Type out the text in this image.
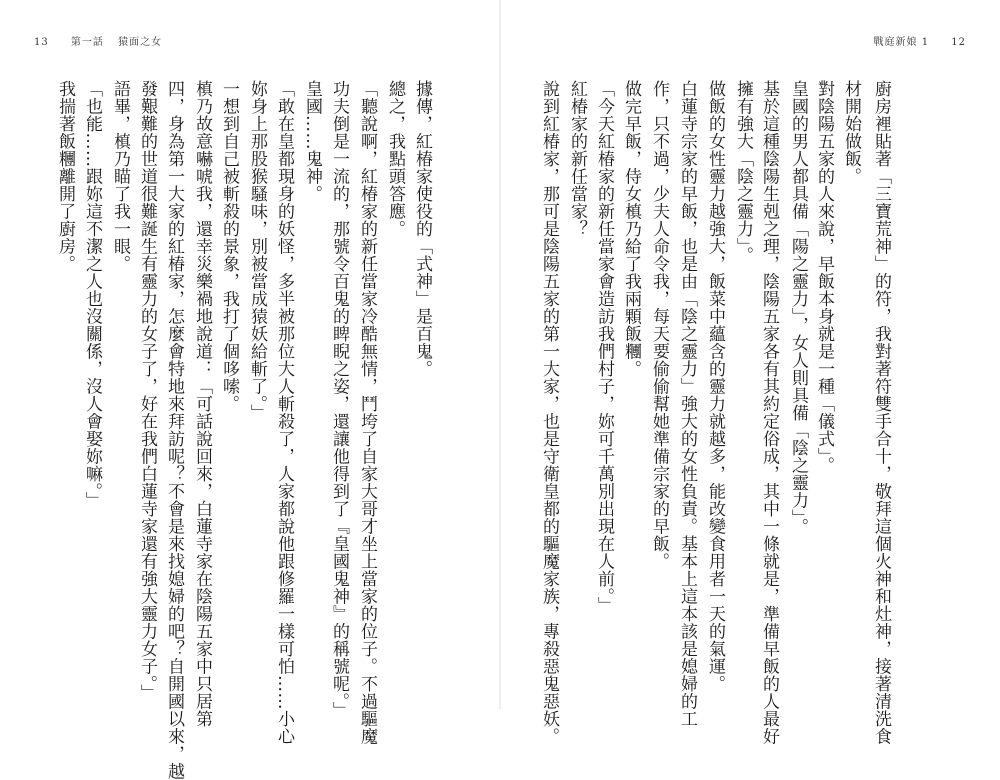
13 第一話 猿面之女	戰庭新娘 1 12
廚房裡貼著「三寶荒神」的符，我對著符雙手合十，敬拜這個火神和灶神，接著清洗食
材開始做飯。
對陰陽五家的人來說，早飯本身就是一種「儀式」。
皇國的男人都具備「陽之靈力」，女人則具備「陰之靈力」。
基於這種陰陽生剋之理，陰陽五家各有其約定俗成，其中一條就是，準備早飯的人最好
擁有強大「陰之靈力」。
做飯的女性靈力越強大，飯菜中蘊含的靈力就越多，能改變食用者一天的氣運。
白蓮寺宗家的早飯，也是由「陰之靈力」強大的女性負責。基本上這本該是媳婦的工
作，只不過，少夫人命令我，每天要偷偷幫她準備宗家的早飯。
做完早飯，侍女槙乃給了我兩顆飯糰。
「今天紅椿家的新任當家會造訪我們村子，妳可千萬別出現在人前。」
紅椿家的新任當家？
說到紅椿家，那可是陰陽五家的第一大家，也是守衛皇都的驅魔家族，專殺惡鬼惡妖。
據傳，紅椿家使役的「式神」是百鬼。
總之，我點頭答應。
「聽說啊，紅椿家的新任當家冷酷無情，鬥垮了自家大哥才坐上當家的位子。不過驅魔
功夫倒是一流的，那號令百鬼的睥睨之姿，還讓他得到了『皇國鬼神』的稱號呢。」
皇國……鬼神。
「敢在皇都現身的妖怪，多半被那位大人斬殺了，人家都說他跟修羅一樣可怕……小心
妳身上那股猴騷味，別被當成猿妖給斬了。」
一想到自己被斬殺的景象，我打了個哆嗦。
槙乃故意嚇唬我，還幸災樂禍地說道：「可話說回來，白蓮寺家在陰陽五家中只居第
四，身為第一大家的紅椿家，怎麼會特地來拜訪呢？不會是來找媳婦的吧？自開國以來，越
發艱難的世道很難誕生有靈力的女子了，好在我們白蓮寺家還有強大靈力女子。」
語畢，槙乃瞄了我一眼。
「也能……跟妳這不潔之人也沒關係，沒人會娶妳嘛。」
我揣著飯糰離開了廚房。
